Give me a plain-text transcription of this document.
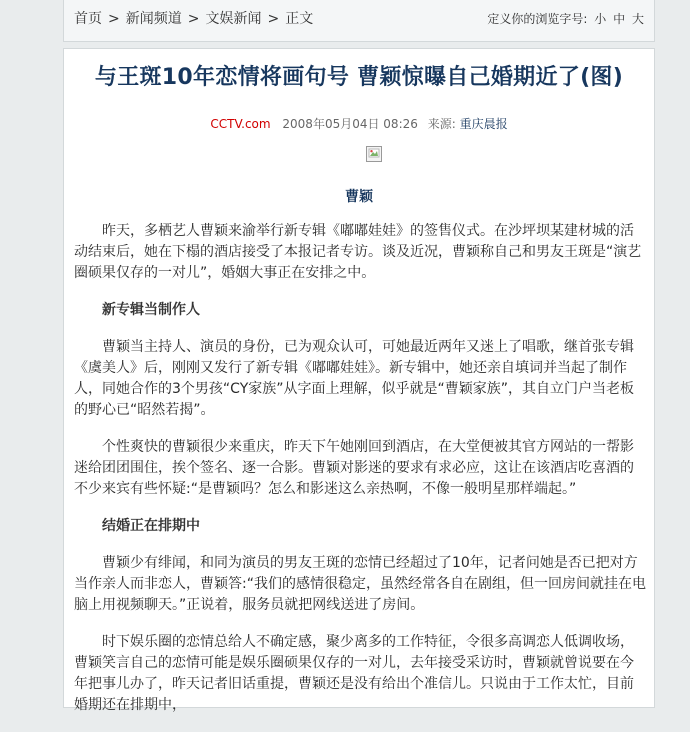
首页 > 新闻频道 > 文娱新闻 > 正文	定义你的浏览字号: 小 中 大
与王斑10年恋情将画句号 曹颖惊曝自己婚期近了(图)
CCTV.com 2008年05月04日 08:26 来源: 重庆晨报
曹颖

昨天，多栖艺人曹颖来渝举行新专辑《嘟嘟娃娃》的签售仪式。在沙坪坝某建材城的活动结束后，她在下榻的酒店接受了本报记者专访。谈及近况，曹颖称自己和男友王斑是“演艺圈硕果仅存的一对儿”，婚姻大事正在安排之中。

新专辑当制作人

曹颖当主持人、演员的身份，已为观众认可，可她最近两年又迷上了唱歌，继首张专辑《虞美人》后，刚刚又发行了新专辑《嘟嘟娃娃》。新专辑中，她还亲自填词并当起了制作人，同她合作的3个男孩“CY家族”从字面上理解，似乎就是“曹颖家族”，其自立门户当老板的野心已“昭然若揭”。

个性爽快的曹颖很少来重庆，昨天下午她刚回到酒店，在大堂便被其官方网站的一帮影迷给团团围住，挨个签名、逐一合影。曹颖对影迷的要求有求必应，这让在该酒店吃喜酒的不少来宾有些怀疑:“是曹颖吗？怎么和影迷这么亲热啊，不像一般明星那样端起。”

结婚正在排期中

曹颖少有绯闻，和同为演员的男友王斑的恋情已经超过了10年，记者问她是否已把对方当作亲人而非恋人，曹颖答:“我们的感情很稳定，虽然经常各自在剧组，但一回房间就挂在电脑上用视频聊天。”正说着，服务员就把网线送进了房间。

时下娱乐圈的恋情总给人不确定感，聚少离多的工作特征，令很多高调恋人低调收场，曹颖笑言自己的恋情可能是娱乐圈硕果仅存的一对儿，去年接受采访时，曹颖就曾说要在今年把事儿办了，昨天记者旧话重提，曹颖还是没有给出个准信儿。只说由于工作太忙，目前婚期还在排期中，
